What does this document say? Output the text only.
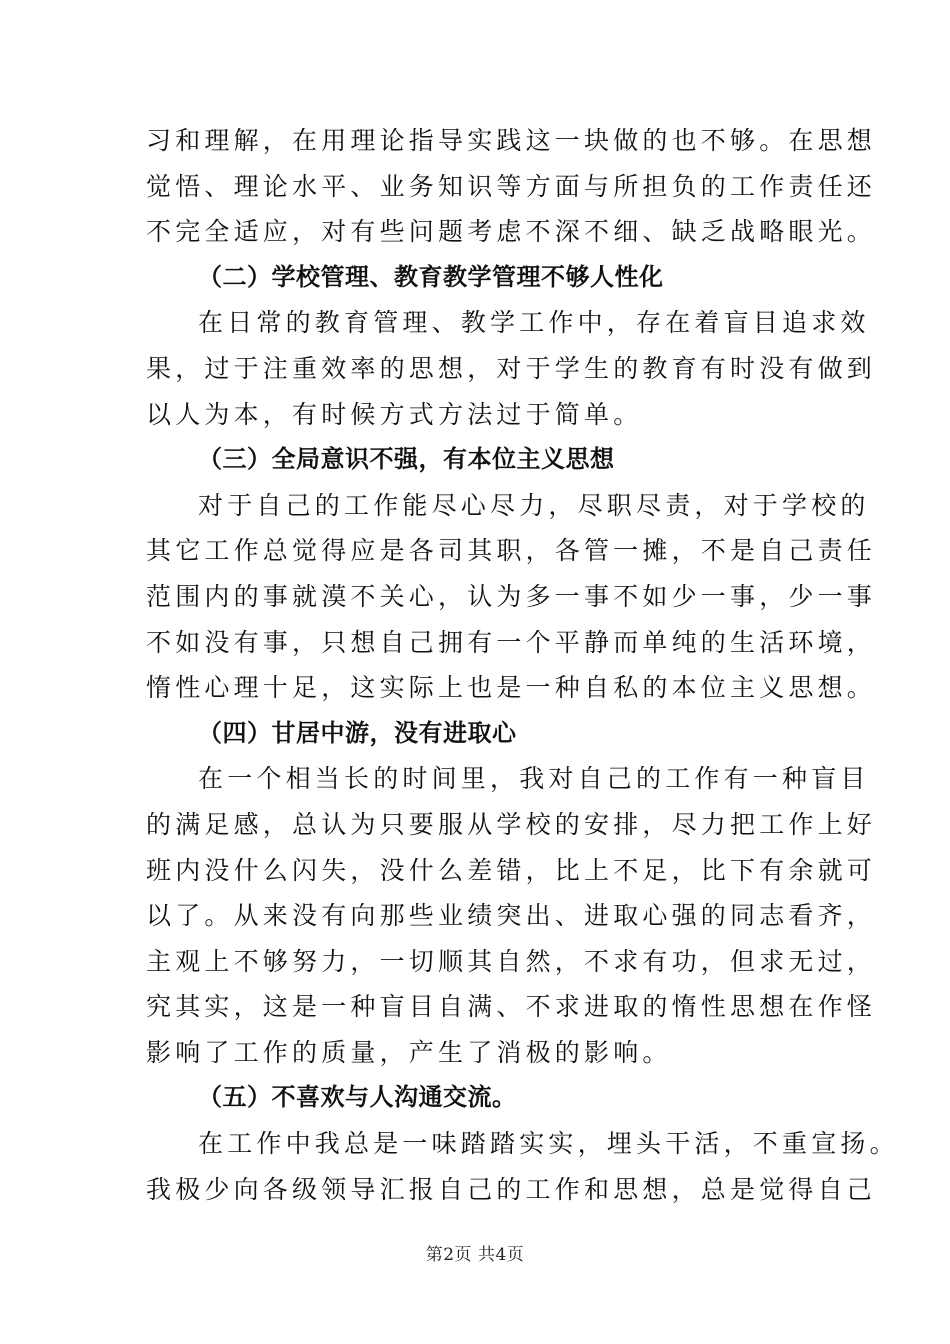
习和理解，在用理论指导实践这一块做的也不够。在思想
觉悟、理论水平、业务知识等方面与所担负的工作责任还
不完全适应，对有些问题考虑不深不细、缺乏战略眼光。
（二）学校管理、教育教学管理不够人性化
在日常的教育管理、教学工作中，存在着盲目追求效
果，过于注重效率的思想，对于学生的教育有时没有做到
以人为本，有时候方式方法过于简单。
（三）全局意识不强，有本位主义思想
对于自己的工作能尽心尽力，尽职尽责，对于学校的
其它工作总觉得应是各司其职，各管一摊，不是自己责任
范围内的事就漠不关心，认为多一事不如少一事，少一事
不如没有事，只想自己拥有一个平静而单纯的生活环境，
惰性心理十足，这实际上也是一种自私的本位主义思想。
（四）甘居中游，没有进取心
在一个相当长的时间里，我对自己的工作有一种盲目
的满足感，总认为只要服从学校的安排，尽力把工作上好
班内没什么闪失，没什么差错，比上不足，比下有余就可
以了。从来没有向那些业绩突出、进取心强的同志看齐，
主观上不够努力，一切顺其自然，不求有功，但求无过，
究其实，这是一种盲目自满、不求进取的惰性思想在作怪
影响了工作的质量，产生了消极的影响。
（五）不喜欢与人沟通交流。
在工作中我总是一味踏踏实实，埋头干活，不重宣扬。
我极少向各级领导汇报自己的工作和思想，总是觉得自己
第2页 共4页
